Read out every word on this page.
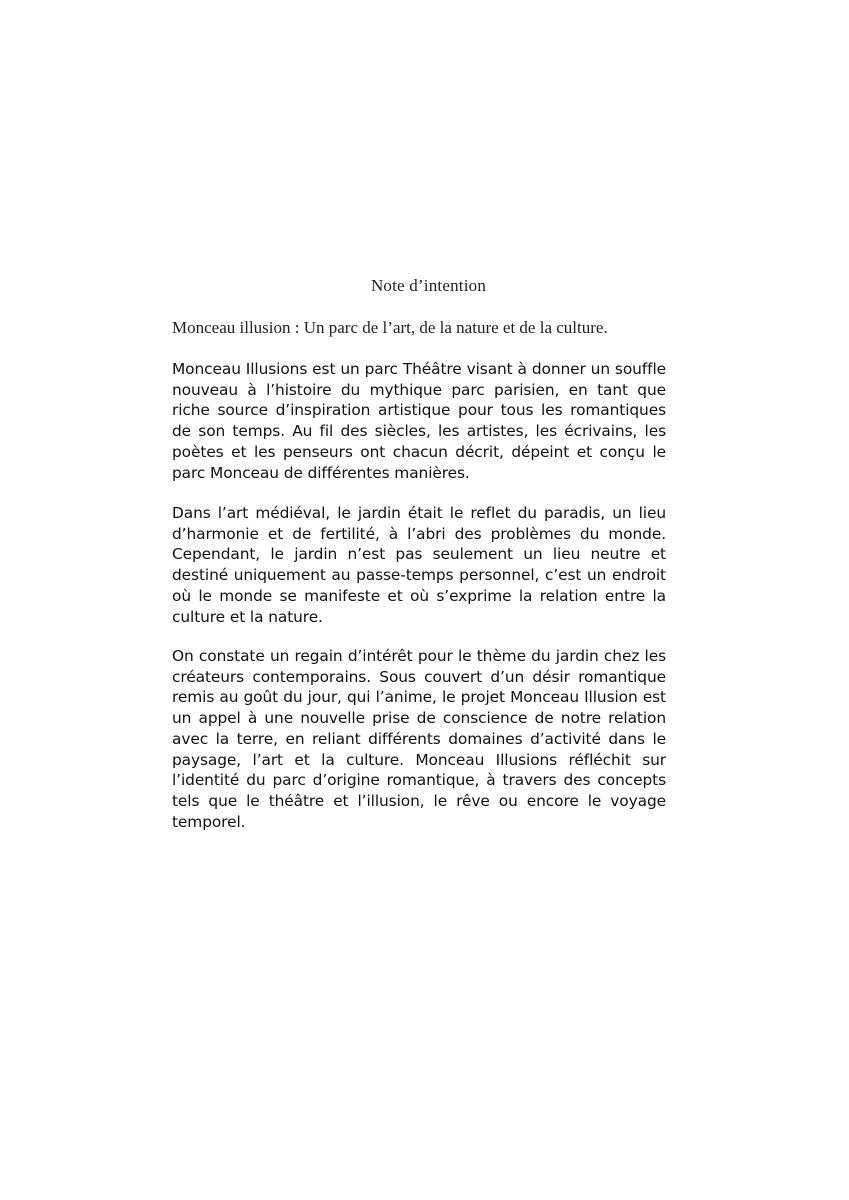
Note d’intention
Monceau illusion : Un parc de l’art, de la nature et de la culture.

Monceau Illusions est un parc Théâtre visant à donner un souffle nouveau à l’histoire du mythique parc parisien, en tant que riche source d’inspiration artistique pour tous les romantiques de son temps. Au fil des siècles, les artistes, les écrivains, les poètes et les penseurs ont chacun décrit, dépeint et conçu le parc Monceau de différentes manières.

Dans l’art médiéval, le jardin était le reflet du paradis, un lieu d’harmonie et de fertilité, à l’abri des problèmes du monde. Cependant, le jardin n’est pas seulement un lieu neutre et destiné uniquement au passe-temps personnel, c’est un endroit où le monde se manifeste et où s’exprime la relation entre la culture et la nature.

On constate un regain d’intérêt pour le thème du jardin chez les créateurs contemporains. Sous couvert d’un désir romantique remis au goût du jour, qui l’anime, le projet Monceau Illusion est un appel à une nouvelle prise de conscience de notre relation avec la terre, en reliant différents domaines d’activité dans le paysage, l’art et la culture. Monceau Illusions réfléchit sur l’identité du parc d’origine romantique, à travers des concepts tels que le théâtre et l’illusion, le rêve ou encore le voyage temporel.
